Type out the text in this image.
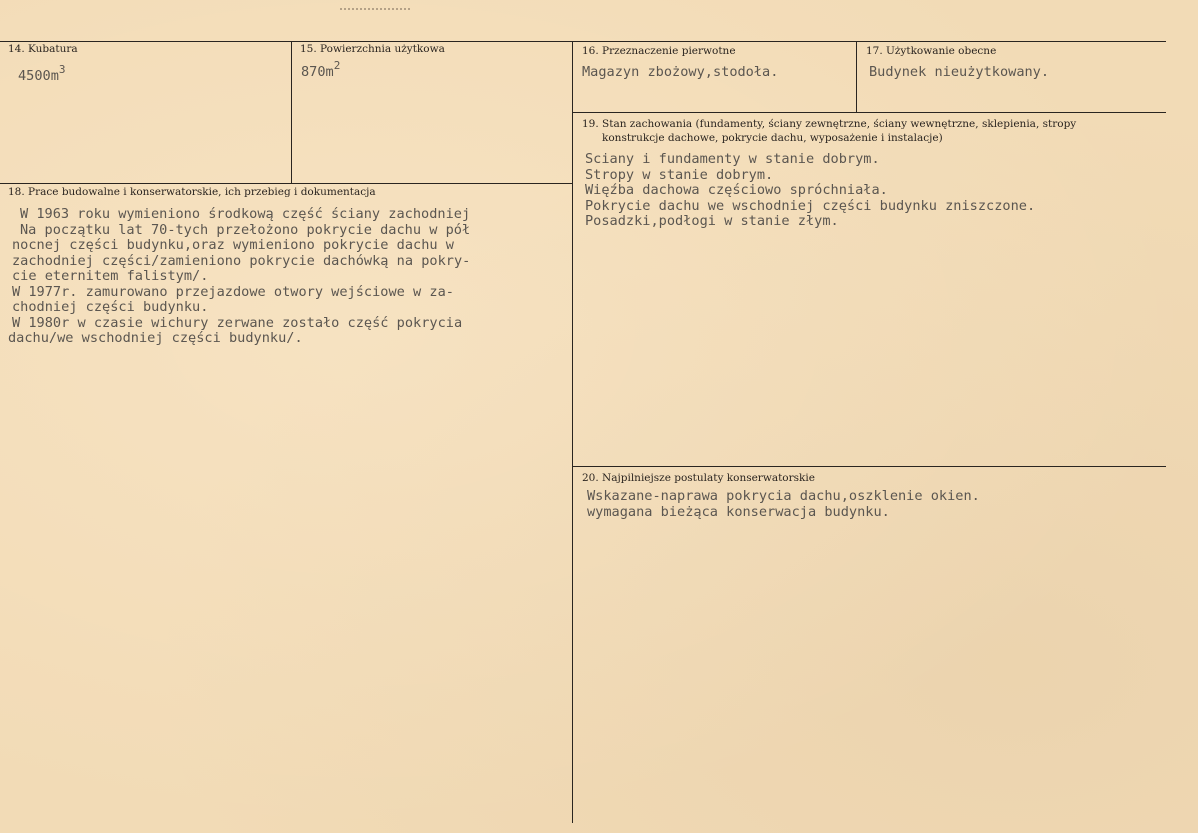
14. Kubatura
$4500m^3$
15. Powierzchnia użytkowa
$870m^2$
16. Przeznaczenie pierwotne
Magazyn zbożowy,stodoła.
17. Użytkowanie obecne
Budynek nieużytkowany.
18. Prace budowalne i konserwatorskie, ich przebieg i dokumentacja
W 1963 roku wymieniono środkową część ściany zachodniej
Na początku lat 70-tych przełożono pokrycie dachu w pół
nocnej części budynku,oraz wymieniono pokrycie dachu w
zachodniej części/zamieniono pokrycie dachówką na pokry-
cie eternitem falistym/.
W 1977r. zamurowano przejazdowe otwory wejściowe w za-
chodniej części budynku.
W 1980r w czasie wichury zerwane zostało część pokrycia
dachu/we wschodniej części budynku/.
19. Stan zachowania (fundamenty, ściany zewnętrzne, ściany wewnętrzne, sklepienia, stropy
konstrukcje dachowe, pokrycie dachu, wyposażenie i instalacje)
Sciany i fundamenty w stanie dobrym.
Stropy w stanie dobrym.
Więźba dachowa częściowo spróchniała.
Pokrycie dachu we wschodniej części budynku zniszczone.
Posadzki,podłogi w stanie złym.
20. Najpilniejsze postulaty konserwatorskie
Wskazane-naprawa pokrycia dachu,oszklenie okien.
wymagana bieżąca konserwacja budynku.
